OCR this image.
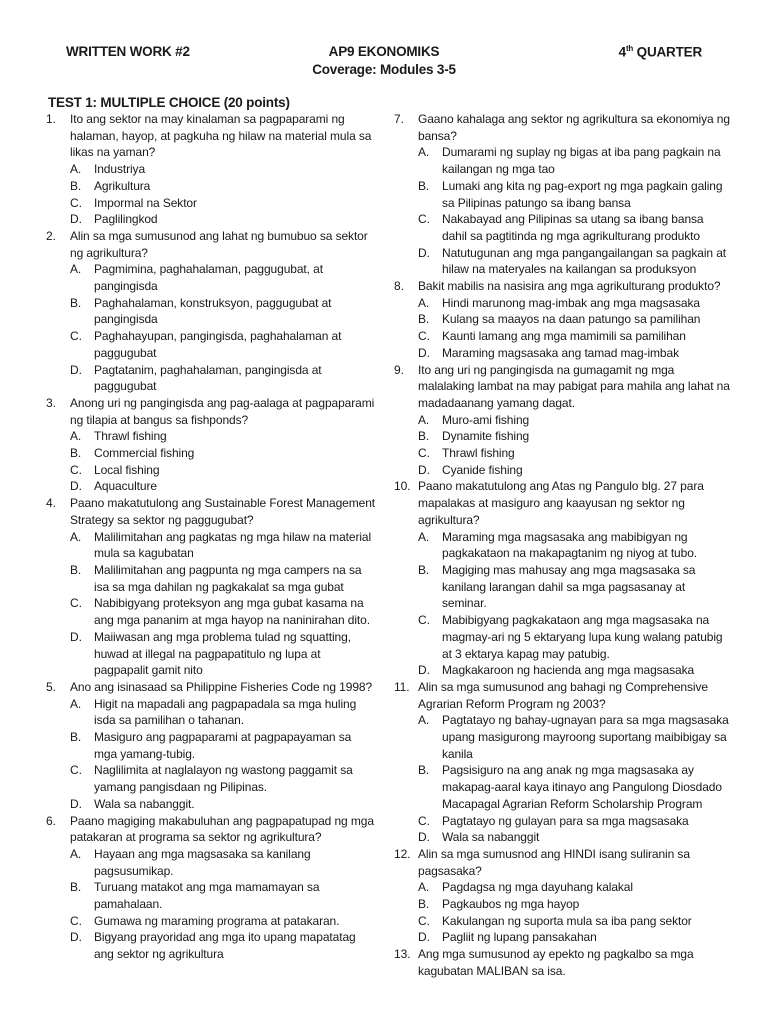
WRITTEN WORK #2	AP9 EKONOMIKS	4th QUARTER
Coverage: Modules 3-5
TEST 1: MULTIPLE CHOICE (20 points)
1.	Ito ang sektor na may kinalaman sa pagpaparami ng halaman, hayop, at pagkuha ng hilaw na material mula sa likas na yaman?
A.	Industriya
B.	Agrikultura
C.	Impormal na Sektor
D.	Paglilingkod
2.	Alin sa mga sumusunod ang lahat ng bumubuo sa sektor ng agrikultura?
A.	Pagmimina, paghahalaman, paggugubat, at pangingisda
B.	Paghahalaman, konstruksyon, paggugubat at pangingisda
C.	Paghahayupan, pangingisda, paghahalaman at paggugubat
D.	Pagtatanim, paghahalaman, pangingisda at paggugubat
3.	Anong uri ng pangingisda ang pag-aalaga at pagpaparami ng tilapia at bangus sa fishponds?
A.	Thrawl fishing
B.	Commercial fishing
C.	Local fishing
D.	Aquaculture
4.	Paano makatutulong ang Sustainable Forest Management Strategy sa sektor ng paggugubat?
A.	Malilimitahan ang pagkatas ng mga hilaw na material mula sa kagubatan
B.	Malilimitahan ang pagpunta ng mga campers na sa isa sa mga dahilan ng pagkakalat sa mga gubat
C.	Nabibigyang proteksyon ang mga gubat kasama na ang mga pananim at mga hayop na naninirahan dito.
D.	Maiiwasan ang mga problema tulad ng squatting, huwad at illegal na pagpapatitulo ng lupa at pagpapalit gamit nito
5.	Ano ang isinasaad sa Philippine Fisheries Code ng 1998?
A.	Higit na mapadali ang pagpapadala sa mga huling isda sa pamilihan o tahanan.
B.	Masiguro ang pagpaparami at pagpapayaman sa mga yamang-tubig.
C.	Naglilimita at naglalayon ng wastong paggamit sa yamang pangisdaan ng Pilipinas.
D.	Wala sa nabanggit.
6.	Paano magiging makabuluhan ang pagpapatupad ng mga patakaran at programa sa sektor ng agrikultura?
A.	Hayaan ang mga magsasaka sa kanilang pagsusumikap.
B.	Turuang matakot ang mga mamamayan sa pamahalaan.
C.	Gumawa ng maraming programa at patakaran.
D.	Bigyang prayoridad ang mga ito upang mapatatag ang sektor ng agrikultura
7.	Gaano kahalaga ang sektor ng agrikultura sa ekonomiya ng bansa?
A.	Dumarami ng suplay ng bigas at iba pang pagkain na kailangan ng mga tao
B.	Lumaki ang kita ng pag-export ng mga pagkain galing sa Pilipinas patungo sa ibang bansa
C.	Nakabayad ang Pilipinas sa utang sa ibang bansa dahil sa pagtitinda ng mga agrikulturang produkto
D.	Natutugunan ang mga pangangailangan sa pagkain at hilaw na materyales na kailangan sa produksyon
8.	Bakit mabilis na nasisira ang mga agrikulturang produkto?
A.	Hindi marunong mag-imbak ang mga magsasaka
B.	Kulang sa maayos na daan patungo sa pamilihan
C.	Kaunti lamang ang mga mamimili sa pamilihan
D.	Maraming magsasaka ang tamad mag-imbak
9.	Ito ang uri ng pangingisda na gumagamit ng mga malalaking lambat na may pabigat para mahila ang lahat na madadaanang yamang dagat.
A.	Muro-ami fishing
B.	Dynamite fishing
C.	Thrawl fishing
D.	Cyanide fishing
10. Paano makatutulong ang Atas ng Pangulo blg. 27 para mapalakas at masiguro ang kaayusan ng sektor ng agrikultura?
A.	Maraming mga magsasaka ang mabibigyan ng pagkakataon na makapagtanim ng niyog at tubo.
B.	Magiging mas mahusay ang mga magsasaka sa kanilang larangan dahil sa mga pagsasanay at seminar.
C.	Mabibigyang pagkakataon ang mga magsasaka na magmay-ari ng 5 ektaryang lupa kung walang patubig at 3 ektarya kapag may patubig.
D.	Magkakaroon ng hacienda ang mga magsasaka
11. Alin sa mga sumusunod ang bahagi ng Comprehensive Agrarian Reform Program ng 2003?
A.	Pagtatayo ng bahay-ugnayan para sa mga magsasaka upang masigurong mayroong suportang maibibigay sa kanila
B.	Pagsisiguro na ang anak ng mga magsasaka ay makapag-aaral kaya itinayo ang Pangulong Diosdado Macapagal Agrarian Reform Scholarship Program
C.	Pagtatayo ng gulayan para sa mga magsasaka
D.	Wala sa nabanggit
12. Alin sa mga sumusnod ang HINDI isang suliranin sa pagsasaka?
A.	Pagdagsa ng mga dayuhang kalakal
B.	Pagkaubos ng mga hayop
C.	Kakulangan ng suporta mula sa iba pang sektor
D.	Pagliit ng lupang pansakahan
13. Ang mga sumusunod ay epekto ng pagkalbo sa mga kagubatan MALIBAN sa isa.
